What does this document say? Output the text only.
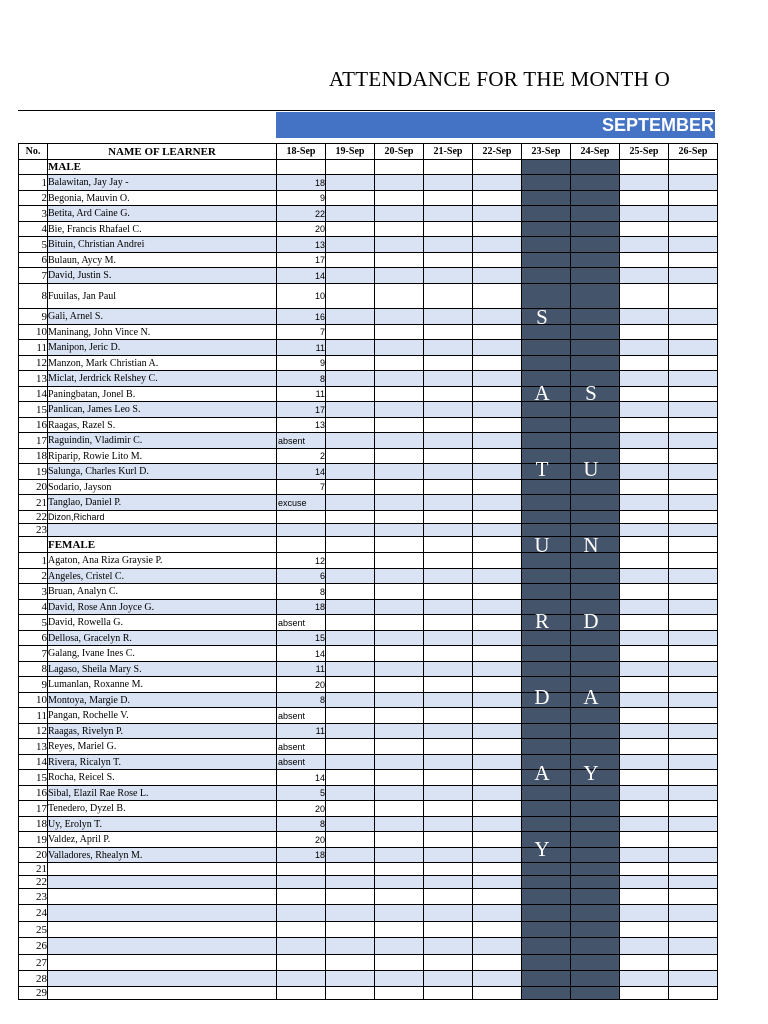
ATTENDANCE FOR THE MONTH O
SEPTEMBER
No.	NAME OF LEARNER	18-Sep	19-Sep	20-Sep	21-Sep	22-Sep	23-Sep	24-Sep	25-Sep	26-Sep
	MALE									
1	Balawitan, Jay Jay -	18								
2	Begonia, Mauvin O.	9								
3	Betita, Ard Caine G.	22								
4	Bie, Francis Rhafael C.	20								
5	Bituin, Christian Andrei	13								
6	Bulaun, Aycy M.	17								
7	David, Justin S.	14								
8	Fuuilas, Jan Paul	10								
9	Gali, Arnel S.	16								
10	Maninang, John Vince N.	7								
11	Manipon, Jeric D.	11								
12	Manzon, Mark Christian A.	9								
13	Miclat, Jerdrick Relshey C.	8								
14	Paningbatan, Jonel B.	11								
15	Panlican, James Leo S.	17								
16	Raagas, Razel S.	13								
17	Raguindin, Vladimir C.	absent								
18	Riparip, Rowie Lito M.	2								
19	Salunga, Charles Kurl D.	14								
20	Sodario, Jayson	7								
21	Tanglao, Daniel P.	excuse								
22	Dizon,Richard									
23										
	FEMALE									
1	Agaton, Ana Riza Graysie P.	12								
2	Angeles, Cristel C.	6								
3	Bruan, Analyn C.	8								
4	David, Rose Ann Joyce G.	18								
5	David, Rowella G.	absent								
6	Dellosa, Gracelyn R.	15								
7	Galang, Ivane Ines C.	14								
8	Lagaso, Sheila Mary S.	11								
9	Lumanlan, Roxanne M.	20								
10	Montoya, Margie D.	8								
11	Pangan, Rochelle V.	absent								
12	Raagas, Rivelyn P.	11								
13	Reyes, Mariel G.	absent								
14	Rivera, Ricalyn T.	absent								
15	Rocha, Reicel S.	14								
16	Sibal, Elazil Rae Rose L.	5								
17	Tenedero, Dyzel B.	20								
18	Uy, Erolyn T.	8								
19	Valdez, April P.	20								
20	Valladores, Rhealyn M.	18								
21										
22										
23										
24										
25										
26										
27										
28										
29										
S
A
T
U
R
D
A
Y
S
U
N
D
A
Y
